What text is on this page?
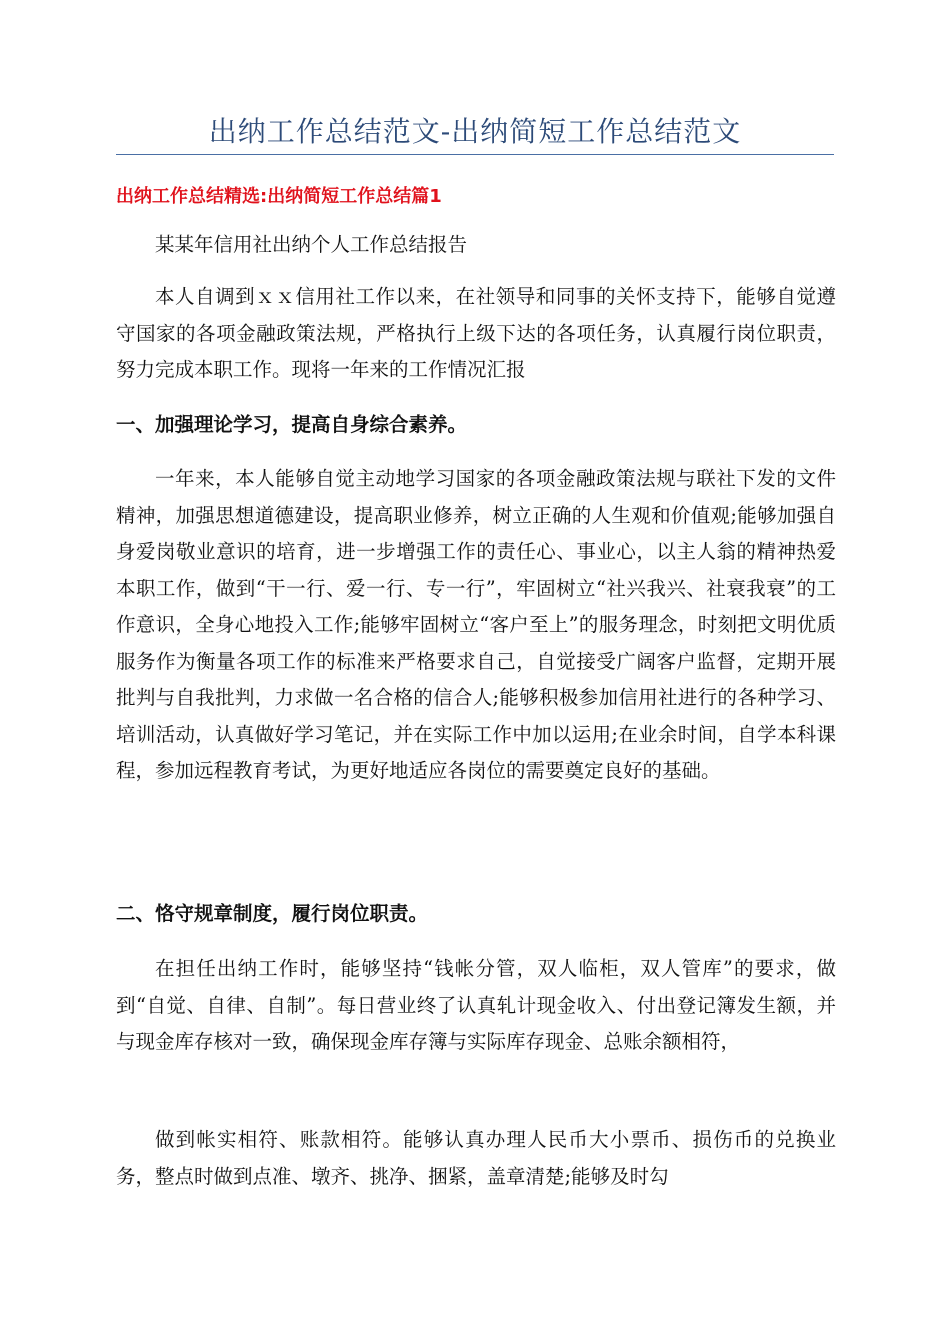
出纳工作总结范文-出纳简短工作总结范文
出纳工作总结精选:出纳简短工作总结篇1

某某年信用社出纳个人工作总结报告

本人自调到ｘｘ信用社工作以来，在社领导和同事的关怀支持下，能够自觉遵守国家的各项金融政策法规，严格执行上级下达的各项任务，认真履行岗位职责，努力完成本职工作。现将一年来的工作情况汇报

一、加强理论学习，提高自身综合素养。

一年来，本人能够自觉主动地学习国家的各项金融政策法规与联社下发的文件精神，加强思想道德建设，提高职业修养，树立正确的人生观和价值观;能够加强自身爱岗敬业意识的培育，进一步增强工作的责任心、事业心，以主人翁的精神热爱本职工作，做到“干一行、爱一行、专一行”，牢固树立“社兴我兴、社衰我衰”的工作意识，全身心地投入工作;能够牢固树立“客户至上”的服务理念，时刻把文明优质服务作为衡量各项工作的标准来严格要求自己，自觉接受广阔客户监督，定期开展批判与自我批判，力求做一名合格的信合人;能够积极参加信用社进行的各种学习、培训活动，认真做好学习笔记，并在实际工作中加以运用;在业余时间，自学本科课程，参加远程教育考试，为更好地适应各岗位的需要奠定良好的基础。

二、恪守规章制度，履行岗位职责。

在担任出纳工作时，能够坚持“钱帐分管，双人临柜，双人管库”的要求，做到“自觉、自律、自制”。每日营业终了认真轧计现金收入、付出登记簿发生额，并与现金库存核对一致，确保现金库存簿与实际库存现金、总账余额相符，

做到帐实相符、账款相符。能够认真办理人民币大小票币、损伤币的兑换业务，整点时做到点准、墩齐、挑净、捆紧，盖章清楚;能够及时勾
